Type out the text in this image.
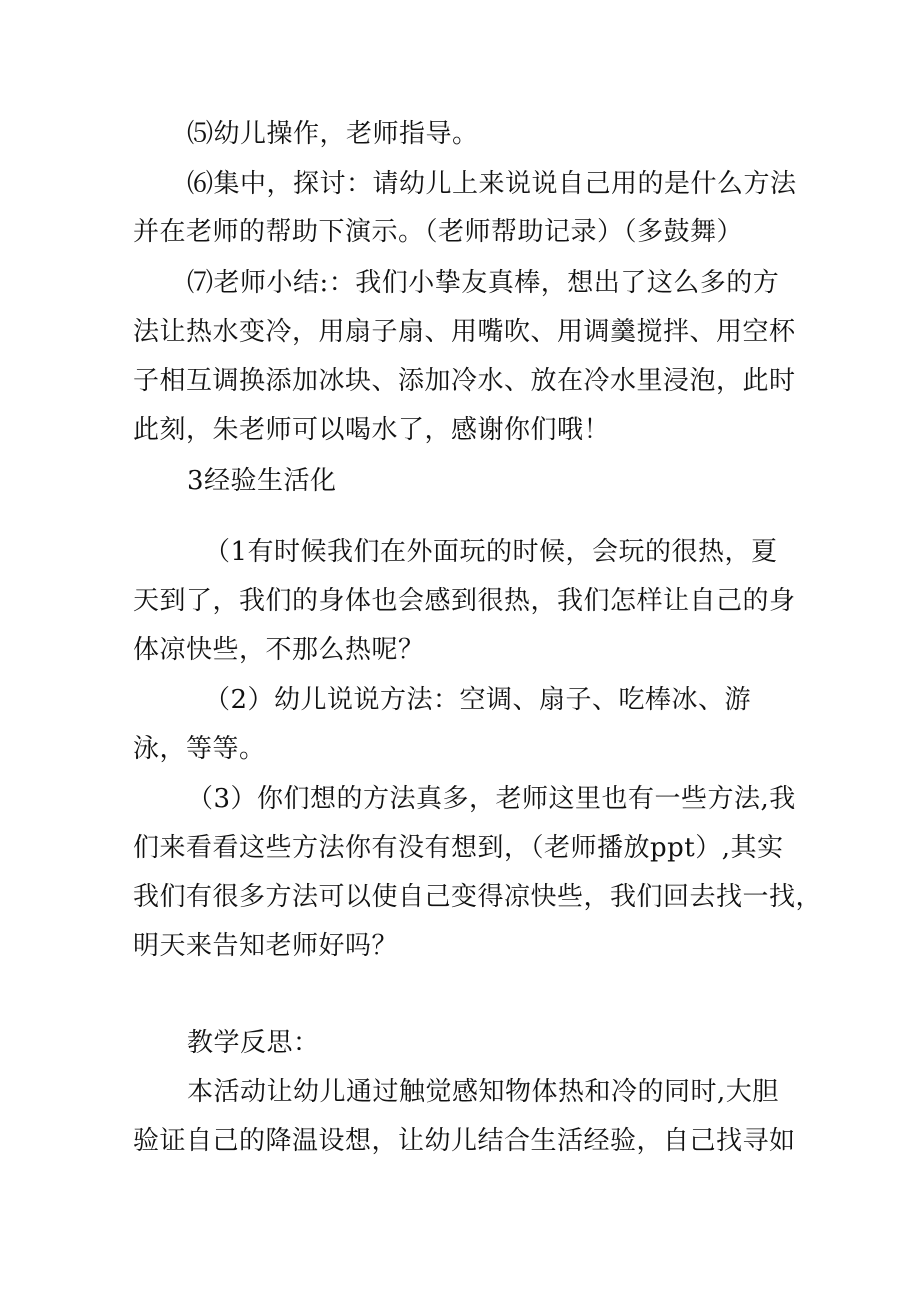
⑸幼儿操作，老师指导。
⑹集中，探讨：请幼儿上来说说自己用的是什么方法
并在老师的帮助下演示。（老师帮助记录）（多鼓舞）
⑺老师小结:：我们小挚友真棒，想出了这么多的方
法让热水变冷，用扇子扇、用嘴吹、用调羹搅拌、用空杯
子相互调换添加冰块、添加冷水、放在冷水里浸泡，此时
此刻，朱老师可以喝水了，感谢你们哦！
3经验生活化
（1有时候我们在外面玩的时候，会玩的很热，夏
天到了，我们的身体也会感到很热，我们怎样让自己的身
体凉快些，不那么热呢？
（2）幼儿说说方法：空调、扇子、吃棒冰、游
泳，等等。
（3）你们想的方法真多，老师这里也有一些方法,我
们来看看这些方法你有没有想到，（老师播放ppt）,其实
我们有很多方法可以使自己变得凉快些，我们回去找一找，
明天来告知老师好吗？
教学反思：
本活动让幼儿通过触觉感知物体热和冷的同时,大胆
验证自己的降温设想，让幼儿结合生活经验，自己找寻如
